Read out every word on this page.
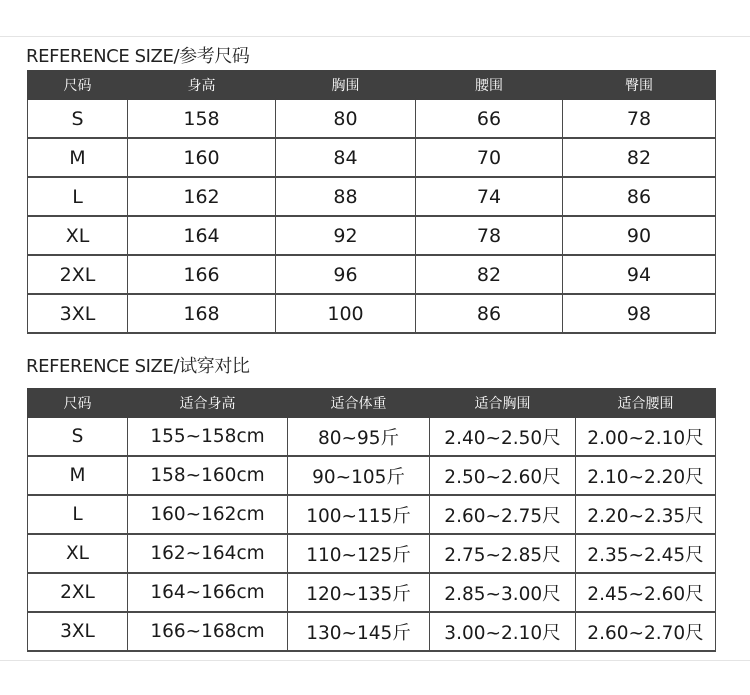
REFERENCE SIZE/参考尺码
尺码	身高	胸围	腰围	臀围
S	158	80	66	78
M	160	84	70	82
L	162	88	74	86
XL	164	92	78	90
2XL	166	96	82	94
3XL	168	100	86	98
REFERENCE SIZE/试穿对比
尺码	适合身高	适合体重	适合胸围	适合腰围
S	155~158cm	80~95斤	2.40~2.50尺	2.00~2.10尺
M	158~160cm	90~105斤	2.50~2.60尺	2.10~2.20尺
L	160~162cm	100~115斤	2.60~2.75尺	2.20~2.35尺
XL	162~164cm	110~125斤	2.75~2.85尺	2.35~2.45尺
2XL	164~166cm	120~135斤	2.85~3.00尺	2.45~2.60尺
3XL	166~168cm	130~145斤	3.00~2.10尺	2.60~2.70尺
